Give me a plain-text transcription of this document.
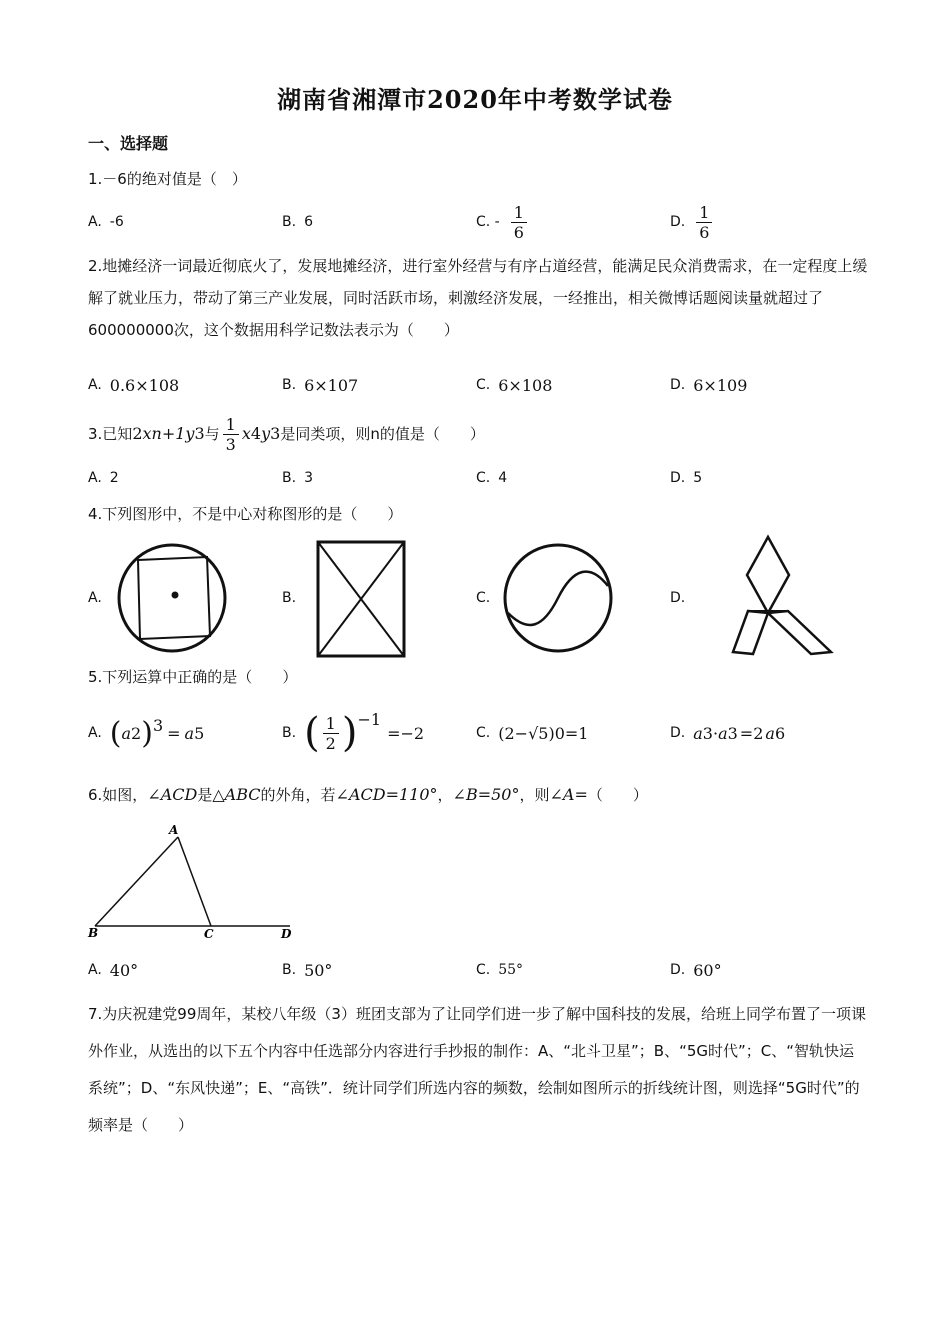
湖南省湘潭市2020年中考数学试卷
一、选择题
1.－6的绝对值是（　）
A. -6	B. 6	C. - $\frac{1}{6}$	D. $\frac{1}{6}$
2.地摊经济一词最近彻底火了，发展地摊经济，进行室外经营与有序占道经营，能满足民众消费需求，在一定程度上缓解了就业压力，带动了第三产业发展，同时活跃市场，刺激经济发展，一经推出，相关微博话题阅读量就超过了600000000次，这个数据用科学记数法表示为（　　）
A. 0.6×10 8	B. 6×10 7	C. 6×10 8	D. 6×10 9
3.已知 2 x n+1 y 3 与 $\frac{1}{3}$ x 4 y 3 是同类项，则n的值是（　　）
A. 2	B. 3	C. 4	D. 5
4.下列图形中，不是中心对称图形的是（　　）
A.	B.	C.	D.
5.下列运算中正确的是（　　）
A. ( a 2 ) 3 = a 5	B. ( $\frac{1}{2}$ ) −1
=−2	C. (2−√5) 0 =1	D. a 3 · a 3 =2 a 6
6.如图， ∠ACD 是 △ABC 的外角，若 ∠ACD=110° ， ∠B=50° ，则 ∠A= （　　）
A
B	C	D
A. 40°	B. 50°	C. 55°	D. 60°
7.为庆祝建党99周年，某校八年级（3）班团支部为了让同学们进一步了解中国科技的发展，给班上同学布置了一项课外作业，从选出的以下五个内容中任选部分内容进行手抄报的制作：A、“北斗卫星”；B、“5G时代”；C、“智轨快运系统”；D、“东风快递”；E、“高铁”．统计同学们所选内容的频数，绘制如图所示的折线统计图，则选择“5G时代”的频率是（　　）
